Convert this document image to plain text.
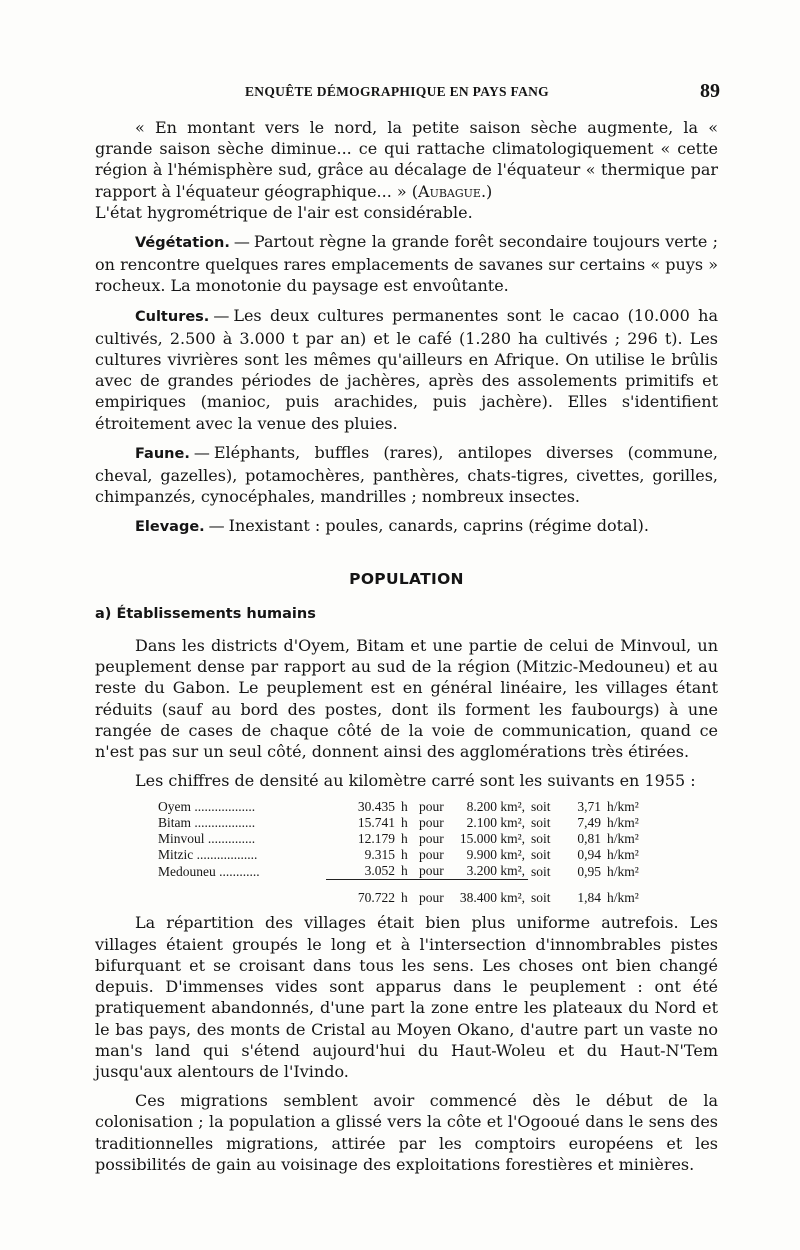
ENQUÊTE DÉMOGRAPHIQUE EN PAYS FANG	89

« En montant vers le nord, la petite saison sèche augmente, la « grande saison sèche diminue... ce qui rattache climatologiquement « cette région à l'hémisphère sud, grâce au décalage de l'équateur « thermique par rapport à l'équateur géographique... » (Aubague.)
L'état hygrométrique de l'air est considérable.

Végétation. — Partout règne la grande forêt secondaire toujours verte ; on rencontre quelques rares emplacements de savanes sur certains « puys » rocheux. La monotonie du paysage est envoûtante.

Cultures. — Les deux cultures permanentes sont le cacao (10.000 ha cultivés, 2.500 à 3.000 t par an) et le café (1.280 ha cultivés ; 296 t). Les cultures vivrières sont les mêmes qu'ailleurs en Afrique. On utilise le brûlis avec de grandes périodes de jachères, après des assolements primitifs et empiriques (manioc, puis arachides, puis jachère). Elles s'identifient étroitement avec la venue des pluies.

Faune. — Eléphants, buffles (rares), antilopes diverses (commune, cheval, gazelles), potamochères, panthères, chats-tigres, civettes, gorilles, chimpanzés, cynocéphales, mandrilles ; nombreux insectes.

Elevage. — Inexistant : poules, canards, caprins (régime dotal).

POPULATION
a) Établissements humains

Dans les districts d'Oyem, Bitam et une partie de celui de Minvoul, un peuplement dense par rapport au sud de la région (Mitzic-Medouneu) et au reste du Gabon. Le peuplement est en général linéaire, les villages étant réduits (sauf au bord des postes, dont ils forment les faubourgs) à une rangée de cases de chaque côté de la voie de communication, quand ce n'est pas sur un seul côté, donnent ainsi des agglomérations très étirées.

Les chiffres de densité au kilomètre carré sont les suivants en 1955 :

Oyem ..................	30.435	h	pour	8.200 km²,	soit	3,71	h/km²
Bitam ..................	15.741	h	pour	2.100 km²,	soit	7,49	h/km²
Minvoul ..............	12.179	h	pour	15.000 km²,	soit	0,81	h/km²
Mitzic ..................	9.315	h	pour	9.900 km²,	soit	0,94	h/km²
Medouneu ............	3.052	h	pour	3.200 km²,	soit	0,95	h/km²

	70.722	h	pour	38.400 km²,	soit	1,84	h/km²

La répartition des villages était bien plus uniforme autrefois. Les villages étaient groupés le long et à l'intersection d'innombrables pistes bifurquant et se croisant dans tous les sens. Les choses ont bien changé depuis. D'immenses vides sont apparus dans le peuplement : ont été pratiquement abandonnés, d'une part la zone entre les plateaux du Nord et le bas pays, des monts de Cristal au Moyen Okano, d'autre part un vaste no man's land qui s'étend aujourd'hui du Haut-Woleu et du Haut-N'Tem jusqu'aux alentours de l'Ivindo.

Ces migrations semblent avoir commencé dès le début de la colonisation ; la population a glissé vers la côte et l'Ogooué dans le sens des traditionnelles migrations, attirée par les comptoirs européens et les possibilités de gain au voisinage des exploitations forestières et minières.
